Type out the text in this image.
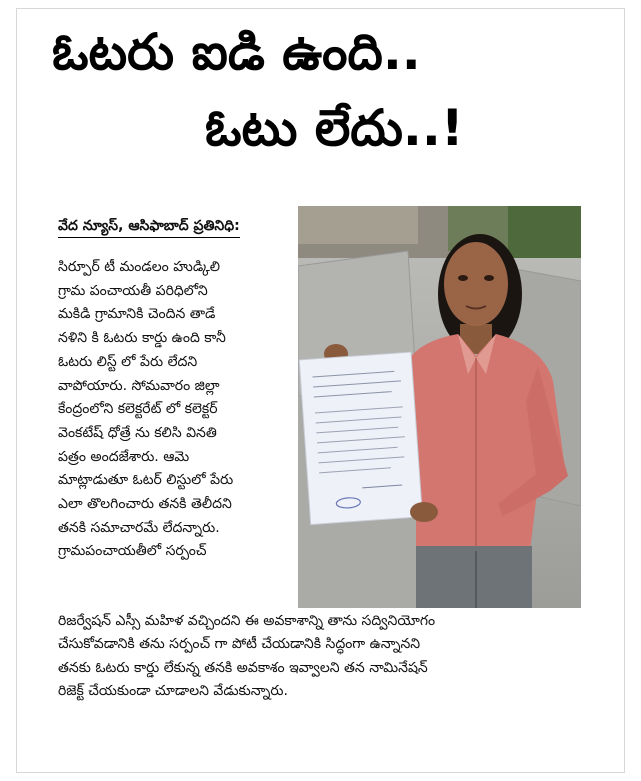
ఓటరు ఐడి ఉంది..
ఓటు లేదు..!
వేద న్యూస్, ఆసిఫాబాద్ ప్రతినిధి:
సిర్పూర్ టీ మండలం హుడ్కిలి
గ్రామ పంచాయతీ పరిధిలోని
మకిడి గ్రామానికి చెందిన తాడే
నళిని కి ఓటరు కార్డు ఉంది కానీ
ఓటరు లిస్ట్ లో పేరు లేదని
వాపోయారు. సోమవారం జిల్లా
కేంద్రంలోని కలెక్టరేట్ లో కలెక్టర్
వెంకటేష్ ధోత్రే ను కలిసి వినతి
పత్రం అందజేశారు. ఆమె
మాట్లాడుతూ ఓటర్ లిస్టులో పేరు
ఎలా తొలగించారు తనకి తెలీదని
తనకి సమాచారమే లేదన్నారు.
గ్రామపంచాయతీలో సర్పంచ్
రిజర్వేషన్ ఎస్సీ మహిళ వచ్చిందని ఈ అవకాశాన్ని తాను సద్వినియోగం
చేసుకోవడానికి తను సర్పంచ్ గా పోటీ చేయడానికి సిద్ధంగా ఉన్నానని
తనకు ఓటరు కార్డు లేకున్న తనకి అవకాశం ఇవ్వాలని తన నామినేషన్
రిజెక్ట్ చేయకుండా చూడాలని వేడుకున్నారు.
